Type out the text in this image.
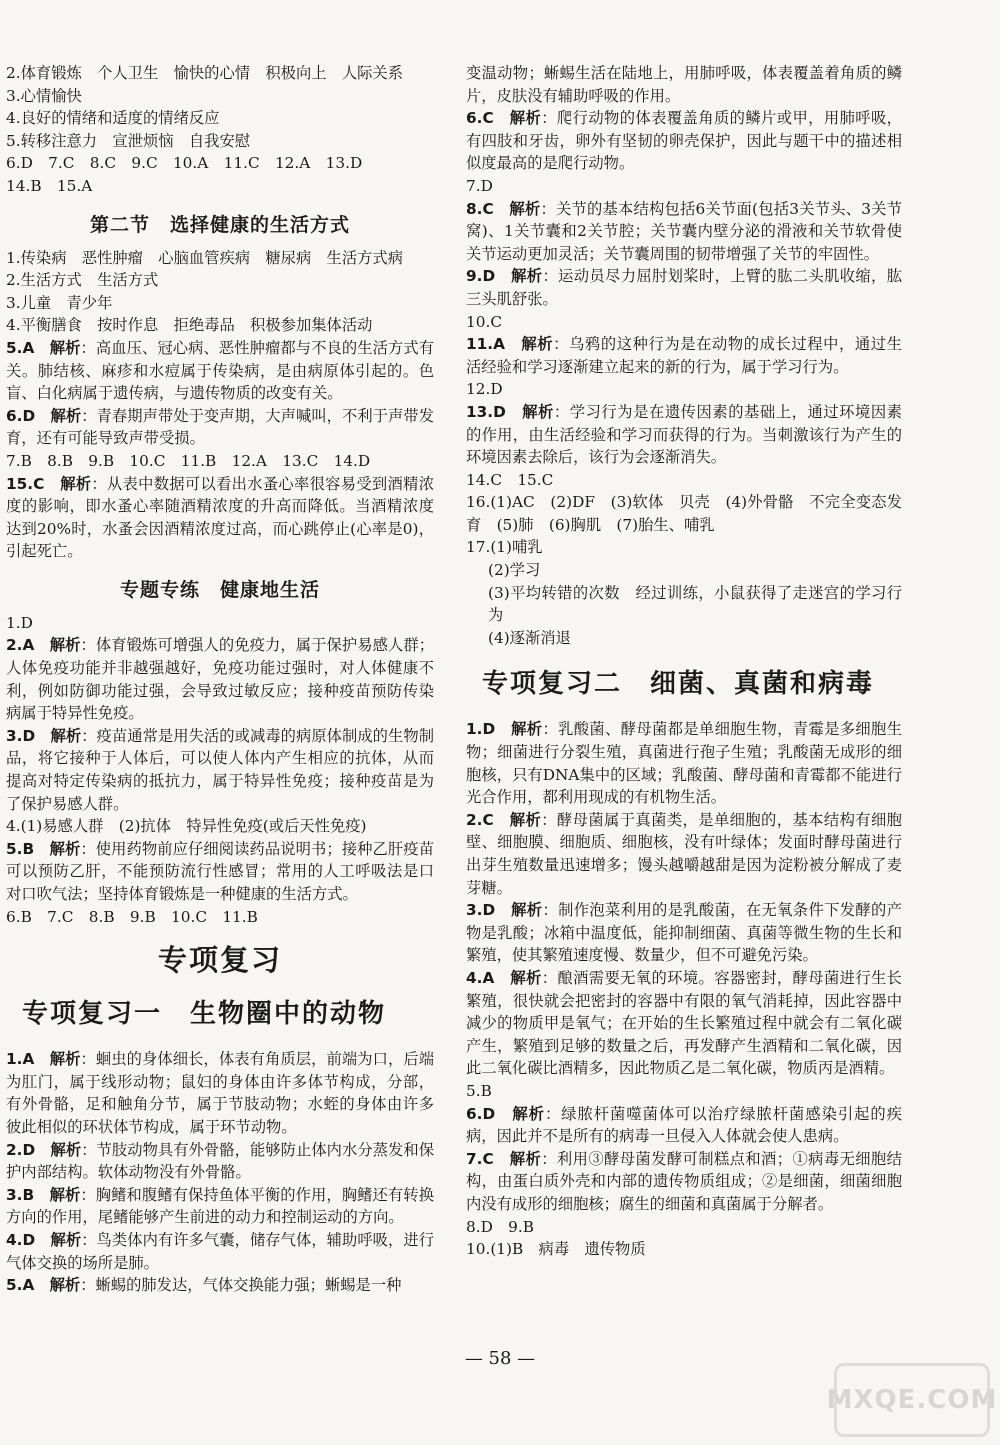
2.体育锻炼　个人卫生　愉快的心情　积极向上　人际关系

3.心情愉快

4.良好的情绪和适度的情绪反应

5.转移注意力　宣泄烦恼　自我安慰

6.D　7.C　8.C　9.C　10.A　11.C　12.A　13.D

14.B　15.A

第二节　选择健康的生活方式

1.传染病　恶性肿瘤　心脑血管疾病　糖尿病　生活方式病

2.生活方式　生活方式

3.儿童　青少年

4.平衡膳食　按时作息　拒绝毒品　积极参加集体活动

5.A　解析：高血压、冠心病、恶性肿瘤都与不良的生活方式有关。肺结核、麻疹和水痘属于传染病，是由病原体引起的。色盲、白化病属于遗传病，与遗传物质的改变有关。

6.D　解析：青春期声带处于变声期，大声喊叫，不利于声带发育，还有可能导致声带受损。

7.B　8.B　9.B　10.C　11.B　12.A　13.C　14.D

15.C　解析：从表中数据可以看出水蚤心率很容易受到酒精浓度的影响，即水蚤心率随酒精浓度的升高而降低。当酒精浓度达到20%时，水蚤会因酒精浓度过高，而心跳停止(心率是0)，引起死亡。

专题专练　健康地生活

1.D

2.A　解析：体育锻炼可增强人的免疫力，属于保护易感人群；人体免疫功能并非越强越好，免疫功能过强时，对人体健康不利，例如防御功能过强，会导致过敏反应；接种疫苗预防传染病属于特异性免疫。

3.D　解析：疫苗通常是用失活的或减毒的病原体制成的生物制品，将它接种于人体后，可以使人体内产生相应的抗体，从而提高对特定传染病的抵抗力，属于特异性免疫；接种疫苗是为了保护易感人群。

4.(1)易感人群　(2)抗体　特异性免疫(或后天性免疫)

5.B　解析：使用药物前应仔细阅读药品说明书；接种乙肝疫苗可以预防乙肝，不能预防流行性感冒；常用的人工呼吸法是口对口吹气法；坚持体育锻炼是一种健康的生活方式。

6.B　7.C　8.B　9.B　10.C　11.B

专项复习
专项复习一　生物圈中的动物

1.A　解析：蛔虫的身体细长，体表有角质层，前端为口，后端为肛门，属于线形动物；鼠妇的身体由许多体节构成，分部，有外骨骼，足和触角分节，属于节肢动物；水蛭的身体由许多彼此相似的环状体节构成，属于环节动物。

2.D　解析：节肢动物具有外骨骼，能够防止体内水分蒸发和保护内部结构。软体动物没有外骨骼。

3.B　解析：胸鳍和腹鳍有保持鱼体平衡的作用，胸鳍还有转换方向的作用，尾鳍能够产生前进的动力和控制运动的方向。

4.D　解析：鸟类体内有许多气囊，储存气体，辅助呼吸，进行气体交换的场所是肺。

5.A　解析：蜥蜴的肺发达，气体交换能力强；蜥蜴是一种

变温动物；蜥蜴生活在陆地上，用肺呼吸，体表覆盖着角质的鳞片，皮肤没有辅助呼吸的作用。

6.C　解析：爬行动物的体表覆盖角质的鳞片或甲，用肺呼吸，有四肢和牙齿，卵外有坚韧的卵壳保护，因此与题干中的描述相似度最高的是爬行动物。

7.D

8.C　解析：关节的基本结构包括6关节面(包括3关节头、3关节窝)、1关节囊和2关节腔；关节囊内壁分泌的滑液和关节软骨使关节运动更加灵活；关节囊周围的韧带增强了关节的牢固性。

9.D　解析：运动员尽力屈肘划桨时，上臂的肱二头肌收缩，肱三头肌舒张。

10.C

11.A　解析：乌鸦的这种行为是在动物的成长过程中，通过生活经验和学习逐渐建立起来的新的行为，属于学习行为。

12.D

13.D　解析：学习行为是在遗传因素的基础上，通过环境因素的作用，由生活经验和学习而获得的行为。当刺激该行为产生的环境因素去除后，该行为会逐渐消失。

14.C　15.C

16.(1)AC　(2)DF　(3)软体　贝壳　(4)外骨骼　不完全变态发育　(5)肺　(6)胸肌　(7)胎生、哺乳

17.(1)哺乳

(2)学习

(3)平均转错的次数　经过训练，小鼠获得了走迷宫的学习行为

(4)逐渐消退

专项复习二　细菌、真菌和病毒

1.D　解析：乳酸菌、酵母菌都是单细胞生物，青霉是多细胞生物；细菌进行分裂生殖，真菌进行孢子生殖；乳酸菌无成形的细胞核，只有DNA集中的区域；乳酸菌、酵母菌和青霉都不能进行光合作用，都利用现成的有机物生活。

2.C　解析：酵母菌属于真菌类，是单细胞的，基本结构有细胞壁、细胞膜、细胞质、细胞核，没有叶绿体；发面时酵母菌进行出芽生殖数量迅速增多；馒头越嚼越甜是因为淀粉被分解成了麦芽糖。

3.D　解析：制作泡菜利用的是乳酸菌，在无氧条件下发酵的产物是乳酸；冰箱中温度低，能抑制细菌、真菌等微生物的生长和繁殖，使其繁殖速度慢、数量少，但不可避免污染。

4.A　解析：酿酒需要无氧的环境。容器密封，酵母菌进行生长繁殖，很快就会把密封的容器中有限的氧气消耗掉，因此容器中减少的物质甲是氧气；在开始的生长繁殖过程中就会有二氧化碳产生，繁殖到足够的数量之后，再发酵产生酒精和二氧化碳，因此二氧化碳比酒精多，因此物质乙是二氧化碳，物质丙是酒精。

5.B

6.D　解析：绿脓杆菌噬菌体可以治疗绿脓杆菌感染引起的疾病，因此并不是所有的病毒一旦侵入人体就会使人患病。

7.C　解析：利用③酵母菌发酵可制糕点和酒；①病毒无细胞结构，由蛋白质外壳和内部的遗传物质组成；②是细菌，细菌细胞内没有成形的细胞核；腐生的细菌和真菌属于分解者。

8.D　9.B

10.(1)B　病毒　遗传物质

— 58 —
MXQE.COM
